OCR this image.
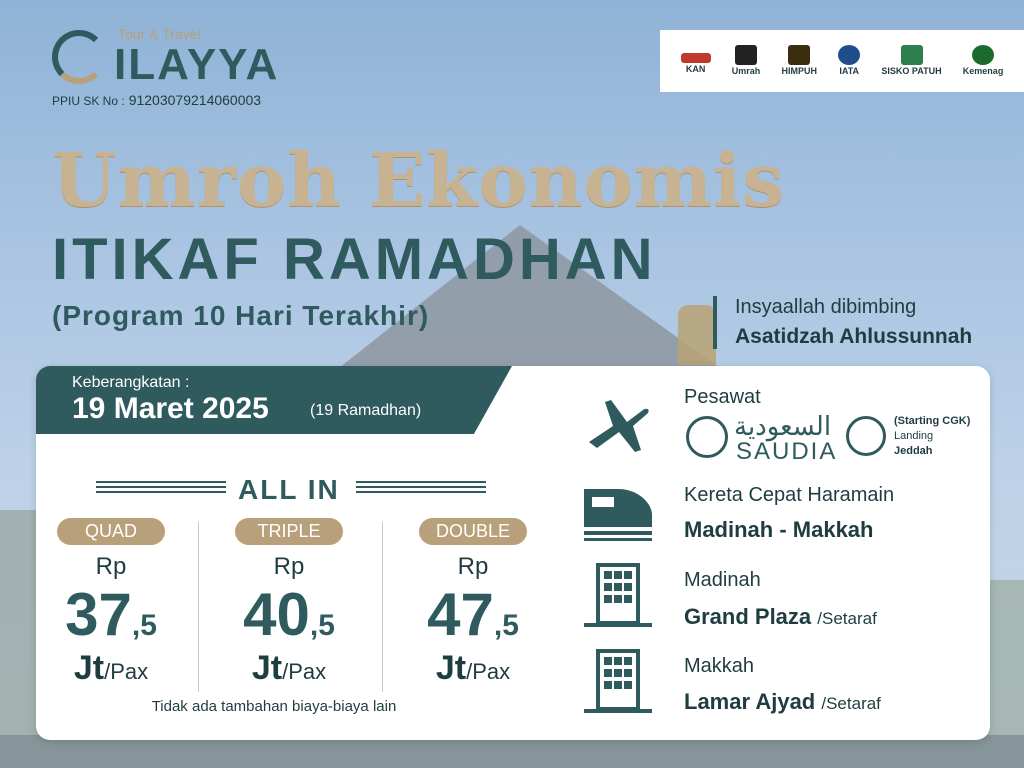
Tour & Travel
ILAYYA
PPIU SK No : 91203079214060003
KAN	Umrah HIMPUH IATA SISKO PATUH Kemenag
Umroh Ekonomis
ITIKAF RAMADHAN
(Program 10 Hari Terakhir)	Insyaallah dibimbing
Asatidzah Ahlussunnah
Keberangkatan :
19 Maret 2025	(19 Ramadhan)
ALL IN
QUAD
Rp
37,5
Jt/Pax
TRIPLE
Rp
40,5
Jt/Pax
DOUBLE
Rp
47,5
Jt/Pax
Tidak ada tambahan biaya-biaya lain
Pesawat
السعودية
SAUDIA
(Starting CGK)
Landing
Jeddah
Kereta Cepat Haramain
Madinah - Makkah
Madinah
Grand Plaza /Setaraf
Makkah
Lamar Ajyad /Setaraf
